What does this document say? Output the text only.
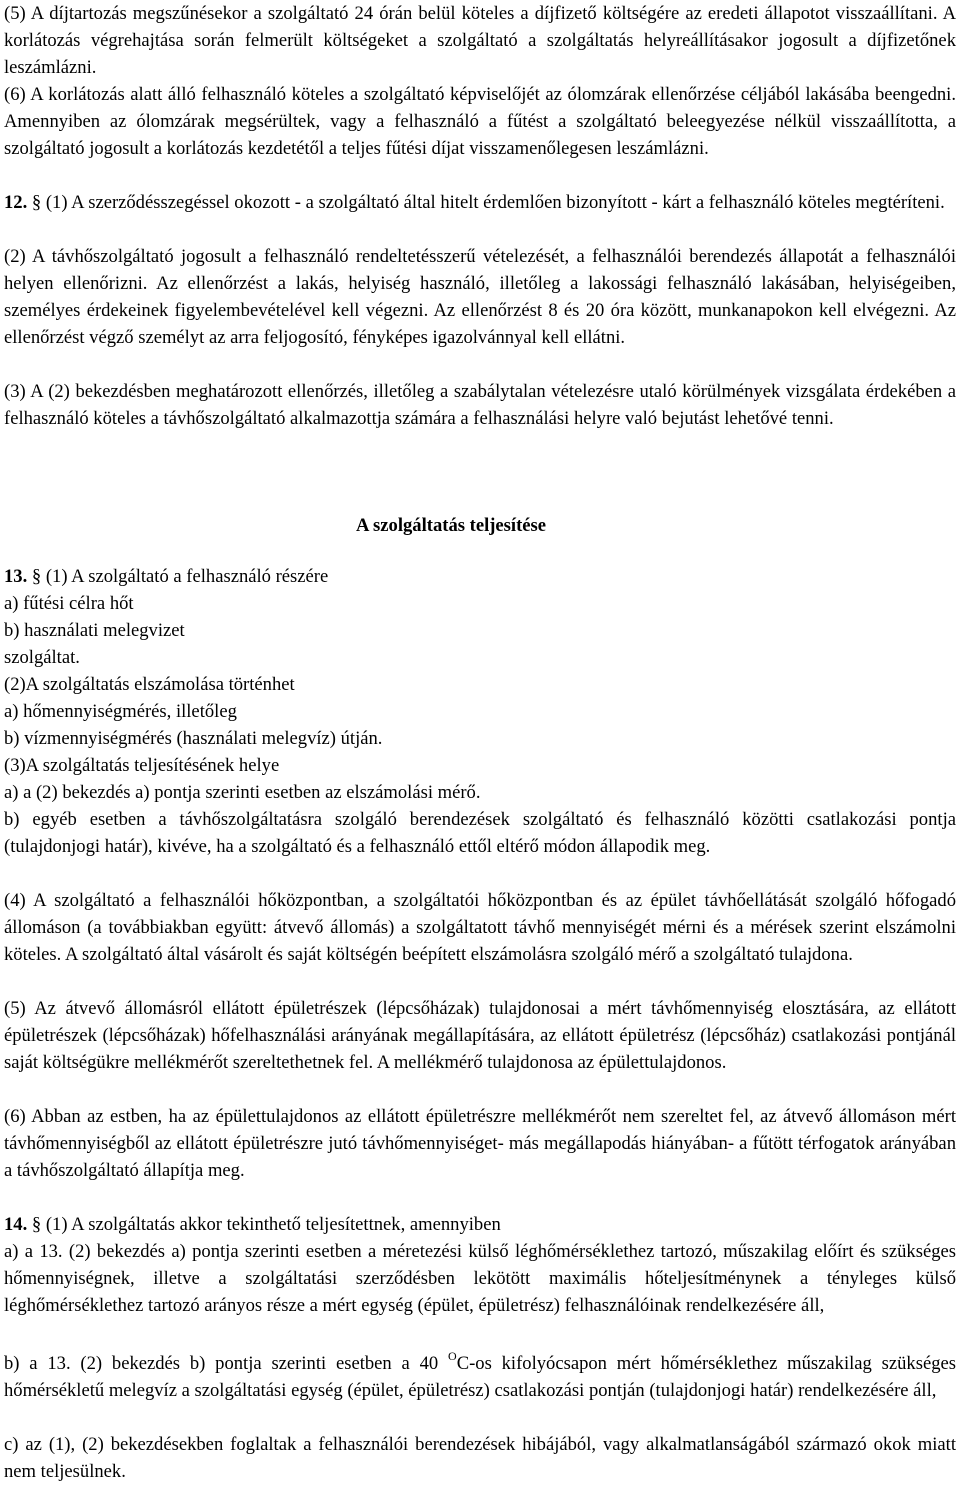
(5) A díjtartozás megszűnésekor a szolgáltató 24 órán belül köteles a díjfizető költségére az eredeti állapotot visszaállítani. A korlátozás végrehajtása során felmerült költségeket a szolgáltató a szolgáltatás helyreállításakor jogosult a díjfizetőnek leszámlázni.

(6) A korlátozás alatt álló felhasználó köteles a szolgáltató képviselőjét az ólomzárak ellenőrzése céljából lakásába beengedni. Amennyiben az ólomzárak megsérültek, vagy a felhasználó a fűtést a szolgáltató beleegyezése nélkül visszaállította, a szolgáltató jogosult a korlátozás kezdetétől a teljes fűtési díjat visszamenőlegesen leszámlázni.

12. § (1) A szerződésszegéssel okozott - a szolgáltató által hitelt érdemlően bizonyított - kárt a felhasználó köteles megtéríteni.

(2) A távhőszolgáltató jogosult a felhasználó rendeltetésszerű vételezését, a felhasználói berendezés állapotát a felhasználói helyen ellenőrizni. Az ellenőrzést a lakás, helyiség használó, illetőleg a lakossági felhasználó lakásában, helyiségeiben, személyes érdekeinek figyelembevételével kell végezni. Az ellenőrzést 8 és 20 óra között, munkanapokon kell elvégezni. Az ellenőrzést végző személyt az arra feljogosító, fényképes igazolvánnyal kell ellátni.

(3) A (2) bekezdésben meghatározott ellenőrzés, illetőleg a szabálytalan vételezésre utaló körülmények vizsgálata érdekében a felhasználó köteles a távhőszolgáltató alkalmazottja számára a felhasználási helyre való bejutást lehetővé tenni.

A szolgáltatás teljesítése

13. § (1) A szolgáltató a felhasználó részére

a) fűtési célra hőt

b) használati melegvizet

szolgáltat.

(2)A szolgáltatás elszámolása történhet

a) hőmennyiségmérés, illetőleg

b) vízmennyiségmérés (használati melegvíz) útján.

(3)A szolgáltatás teljesítésének helye

a) a (2) bekezdés a) pontja szerinti esetben az elszámolási mérő.

b) egyéb esetben a távhőszolgáltatásra szolgáló berendezések szolgáltató és felhasználó közötti csatlakozási pontja (tulajdonjogi határ), kivéve, ha a szolgáltató és a felhasználó ettől eltérő módon állapodik meg.

(4) A szolgáltató a felhasználói hőközpontban, a szolgáltatói hőközpontban és az épület távhőellátását szolgáló hőfogadó állomáson (a továbbiakban együtt: átvevő állomás) a szolgáltatott távhő mennyiségét mérni és a mérések szerint elszámolni köteles. A szolgáltató által vásárolt és saját költségén beépített elszámolásra szolgáló mérő a szolgáltató tulajdona.

(5) Az átvevő állomásról ellátott épületrészek (lépcsőházak) tulajdonosai a mért távhőmennyiség elosztására, az ellátott épületrészek (lépcsőházak) hőfelhasználási arányának megállapítására, az ellátott épületrész (lépcsőház) csatlakozási pontjánál saját költségükre mellékmérőt szereltethetnek fel. A mellékmérő tulajdonosa az épülettulajdonos.

(6) Abban az estben, ha az épülettulajdonos az ellátott épületrészre mellékmérőt nem szereltet fel, az átvevő állomáson mért távhőmennyiségből az ellátott épületrészre jutó távhőmennyiséget- más megállapodás hiányában- a fűtött térfogatok arányában a távhőszolgáltató állapítja meg.

14. § (1) A szolgáltatás akkor tekinthető teljesítettnek, amennyiben

a) a 13. (2) bekezdés a) pontja szerinti esetben a méretezési külső léghőmérséklethez tartozó, műszakilag előírt és szükséges hőmennyiségnek, illetve a szolgáltatási szerződésben lekötött maximális hőteljesítménynek a tényleges külső léghőmérséklethez tartozó arányos része a mért egység (épület, épületrész) felhasználóinak rendelkezésére áll,

b) a 13. (2) bekezdés b) pontja szerinti esetben a 40 $^O$C-os kifolyócsapon mért hőmérséklethez műszakilag szükséges hőmérsékletű melegvíz a szolgáltatási egység (épület, épületrész) csatlakozási pontján (tulajdonjogi határ) rendelkezésére áll,

c) az (1), (2) bekezdésekben foglaltak a felhasználói berendezések hibájából, vagy alkalmatlanságából származó okok miatt nem teljesülnek.
